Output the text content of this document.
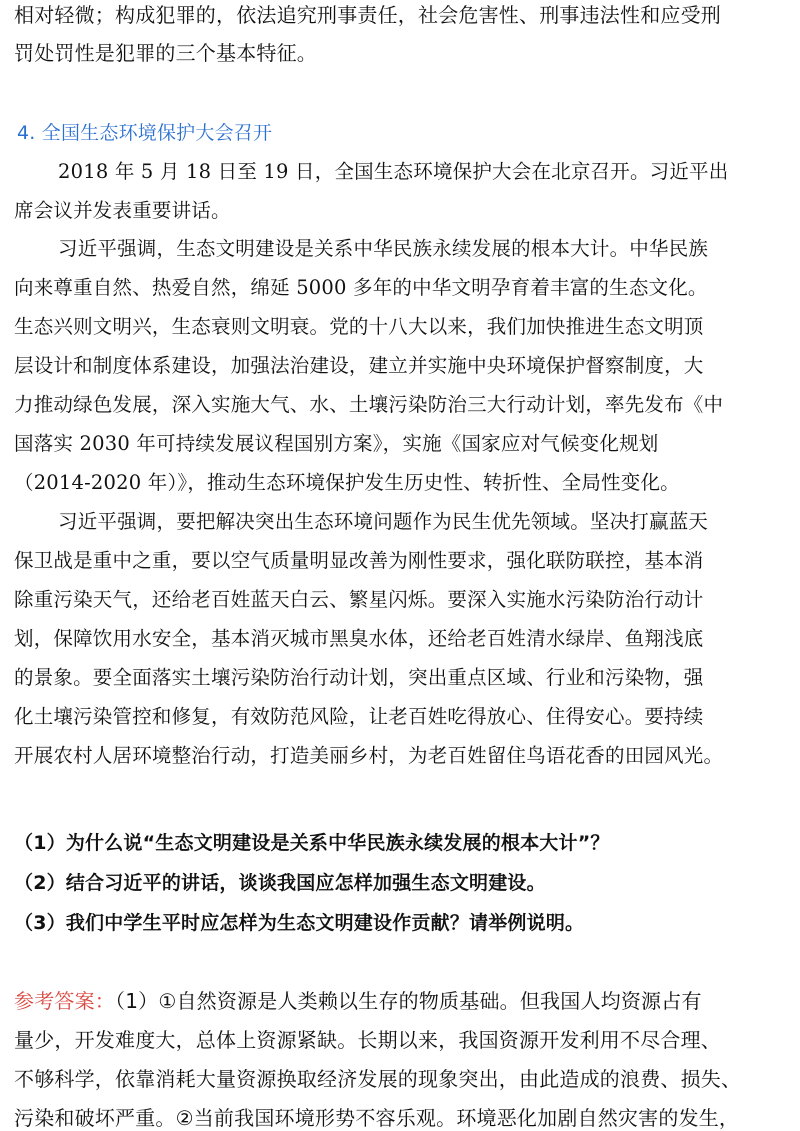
相对轻微；构成犯罪的，依法追究刑事责任，社会危害性、刑事违法性和应受刑
罚处罚性是犯罪的三个基本特征。
4. 全国生态环境保护大会召开
2018 年 5 月 18 日至 19 日，全国生态环境保护大会在北京召开。习近平出
席会议并发表重要讲话。
习近平强调，生态文明建设是关系中华民族永续发展的根本大计。中华民族
向来尊重自然、热爱自然，绵延 5000 多年的中华文明孕育着丰富的生态文化。
生态兴则文明兴，生态衰则文明衰。党的十八大以来，我们加快推进生态文明顶
层设计和制度体系建设，加强法治建设，建立并实施中央环境保护督察制度，大
力推动绿色发展，深入实施大气、水、土壤污染防治三大行动计划，率先发布《中
国落实 2030 年可持续发展议程国别方案》，实施《国家应对气候变化规划
（2014-2020 年）》，推动生态环境保护发生历史性、转折性、全局性变化。
习近平强调，要把解决突出生态环境问题作为民生优先领域。坚决打赢蓝天
保卫战是重中之重，要以空气质量明显改善为刚性要求，强化联防联控，基本消
除重污染天气，还给老百姓蓝天白云、繁星闪烁。要深入实施水污染防治行动计
划，保障饮用水安全，基本消灭城市黑臭水体，还给老百姓清水绿岸、鱼翔浅底
的景象。要全面落实土壤污染防治行动计划，突出重点区域、行业和污染物，强
化土壤污染管控和修复，有效防范风险，让老百姓吃得放心、住得安心。要持续
开展农村人居环境整治行动，打造美丽乡村，为老百姓留住鸟语花香的田园风光。
（1）为什么说“生态文明建设是关系中华民族永续发展的根本大计”？
（2）结合习近平的讲话，谈谈我国应怎样加强生态文明建设。
（3）我们中学生平时应怎样为生态文明建设作贡献？请举例说明。
参考答案：（1）①自然资源是人类赖以生存的物质基础。但我国人均资源占有
量少，开发难度大，总体上资源紧缺。长期以来，我国资源开发利用不尽合理、
不够科学，依靠消耗大量资源换取经济发展的现象突出，由此造成的浪费、损失、
污染和破坏严重。②当前我国环境形势不容乐观。环境恶化加剧自然灾害的发生，
